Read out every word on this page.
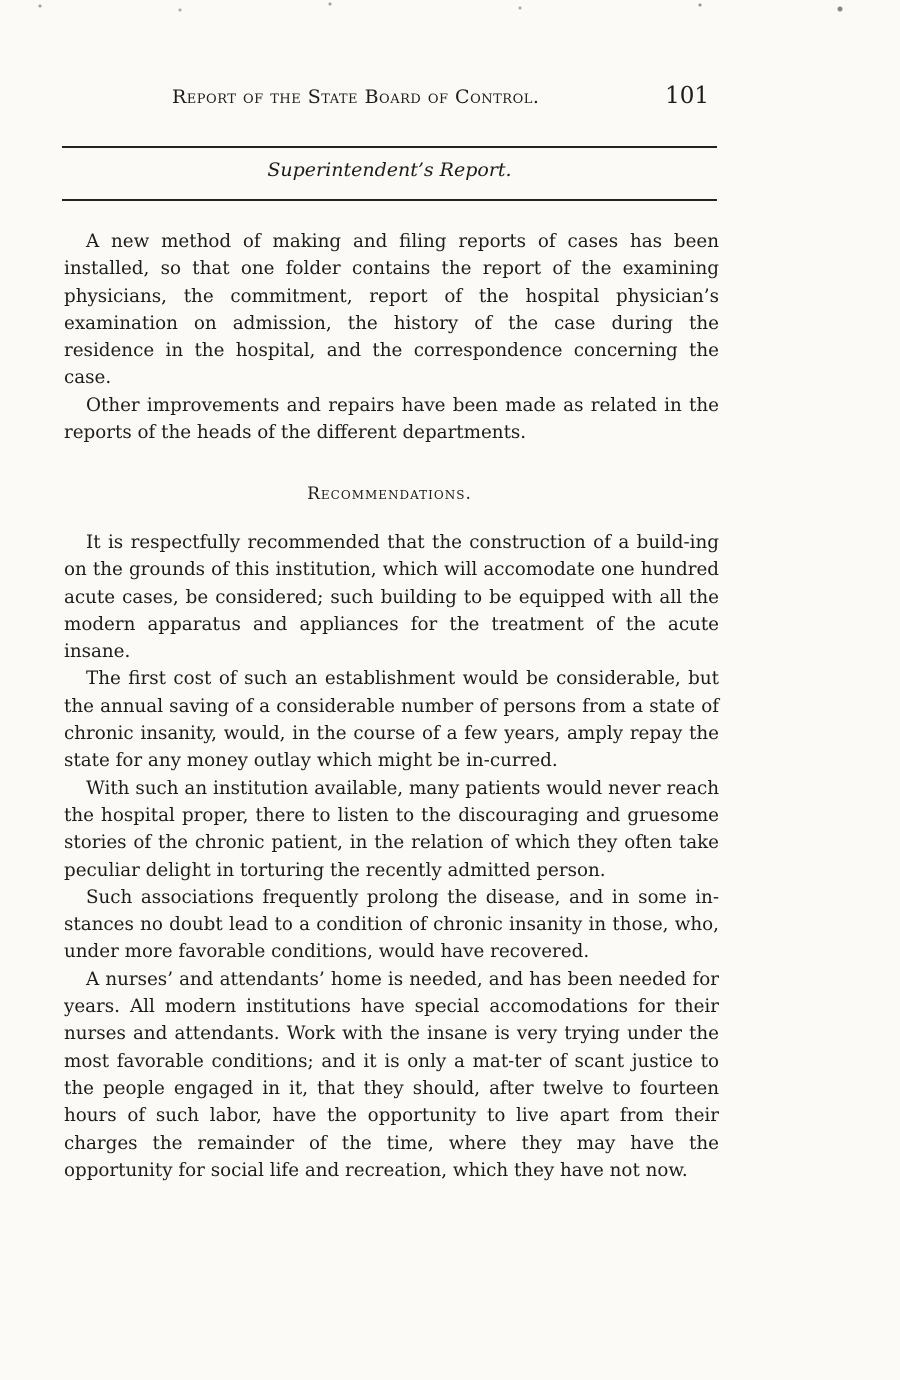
Report of the State Board of Control.	101
Superintendent’s Report.

A new method of making and filing reports of cases has been installed, so that one folder contains the report of the examining physicians, the commitment, report of the hospital physician’s examination on admission, the history of the case during the residence in the hospital, and the correspondence concerning the case.

Other improvements and repairs have been made as related in the reports of the heads of the different departments.

Recommendations.

It is respectfully recommended that the construction of a build-ing on the grounds of this institution, which will accomodate one hundred acute cases, be considered; such building to be equipped with all the modern apparatus and appliances for the treatment of the acute insane.

The first cost of such an establishment would be considerable, but the annual saving of a considerable number of persons from a state of chronic insanity, would, in the course of a few years, amply repay the state for any money outlay which might be in-curred.

With such an institution available, many patients would never reach the hospital proper, there to listen to the discouraging and gruesome stories of the chronic patient, in the relation of which they often take peculiar delight in torturing the recently admitted person.

Such associations frequently prolong the disease, and in some in-stances no doubt lead to a condition of chronic insanity in those, who, under more favorable conditions, would have recovered.

A nurses’ and attendants’ home is needed, and has been needed for years. All modern institutions have special accomodations for their nurses and attendants. Work with the insane is very trying under the most favorable conditions; and it is only a mat-ter of scant justice to the people engaged in it, that they should, after twelve to fourteen hours of such labor, have the opportunity to live apart from their charges the remainder of the time, where they may have the opportunity for social life and recreation, which they have not now.
